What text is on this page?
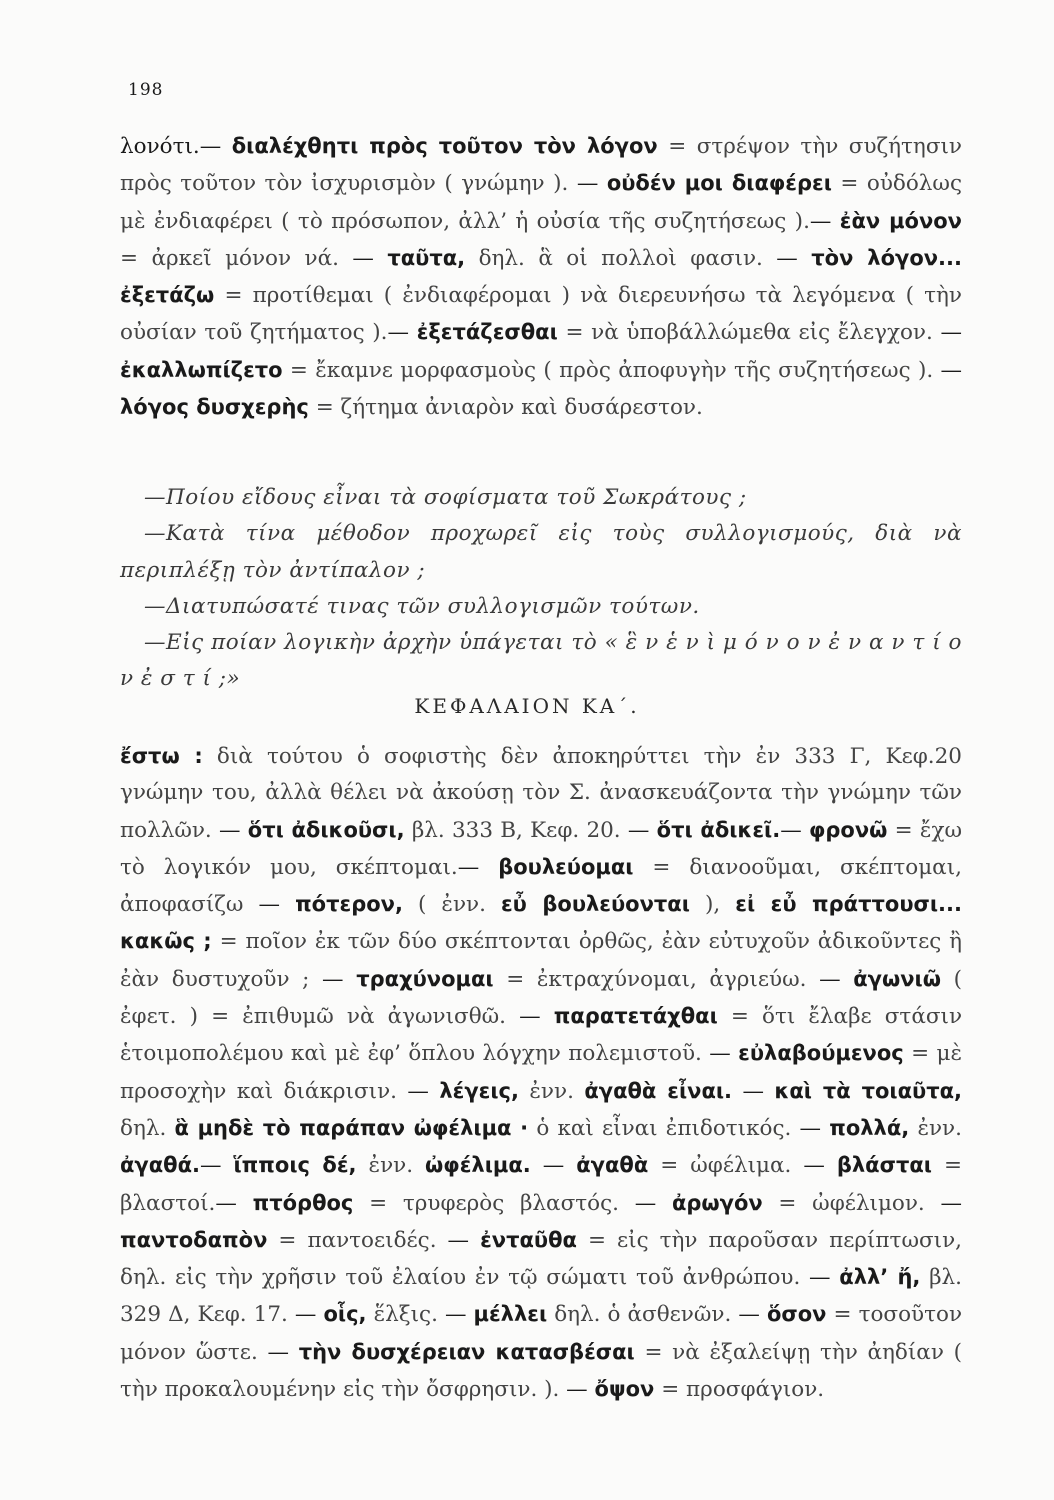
198

λονότι.— διαλέχθητι πρὸς τοῦτον τὸν λόγον = στρέψον τὴν συζήτησιν πρὸς τοῦτον τὸν ἰσχυρισμὸν ( γνώμην ). — οὐδέν μοι διαφέρει = οὐδόλως μὲ ἐνδιαφέρει ( τὸ πρόσωπον, ἀλλ’ ἡ οὐσία τῆς συζητήσεως ).— ἐὰν μόνον = ἀρκεῖ μόνον νά. — ταῦτα, δηλ. ἃ οἱ πολλοὶ φασιν. — τὸν λόγον... ἐξετάζω = προτίθεμαι ( ἐνδιαφέρομαι ) νὰ διερευνήσω τὰ λεγόμενα ( τὴν οὐσίαν τοῦ ζητήματος ).— ἐξετάζεσθαι = νὰ ὑποβάλλώμεθα εἰς ἔλεγχον. — ἐκαλλωπίζετο = ἔκαμνε μορφασμοὺς ( πρὸς ἀποφυγὴν τῆς συζητήσεως ). — λόγος δυσχερὴς = ζήτημα ἀνιαρὸν καὶ δυσάρεστον.

—Ποίου εἴδους εἶναι τὰ σοφίσματα τοῦ Σωκράτους ;

—Κατὰ τίνα μέθοδον προχωρεῖ εἰς τοὺς συλλογισμούς, διὰ νὰ περιπλέξῃ τὸν ἀντίπαλον ;

—Διατυπώσατέ τινας τῶν συλλογισμῶν τούτων.

—Εἰς ποίαν λογικὴν ἀρχὴν ὑπάγεται τὸ « ἓ ν ἑ ν ὶ μ ό ν ο ν ἐ ν α ν τ ί ο ν ἐ σ τ ί ;»

ΚΕΦΑΛΑΙΟΝ ΚΑ΄.

ἔστω : διὰ τούτου ὁ σοφιστὴς δὲν ἀποκηρύττει τὴν ἐν 333 Γ, Κεφ.20 γνώμην του, ἀλλὰ θέλει νὰ ἀκούσῃ τὸν Σ. ἀνασκευάζοντα τὴν γνώμην τῶν πολλῶν. — ὅτι ἀδικοῦσι, βλ. 333 Β, Κεφ. 20. — ὅτι ἀδικεῖ.— φρονῶ = ἔχω τὸ λογικόν μου, σκέπτομαι.— βουλεύομαι = διανοοῦμαι, σκέπτομαι, ἀποφασίζω — πότερον, ( ἐνν. εὖ βουλεύονται ), εἰ εὖ πράττουσι... κακῶς ; = ποῖον ἐκ τῶν δύο σκέπτονται ὀρθῶς, ἐὰν εὐτυχοῦν ἀδικοῦντες ἢ ἐὰν δυστυχοῦν ; — τραχύνομαι = ἐκτραχύνομαι, ἀγριεύω. — ἀγωνιῶ ( ἐφετ. ) = ἐπιθυμῶ νὰ ἀγωνισθῶ. — παρατετάχθαι = ὅτι ἔλαβε στάσιν ἑτοιμοπολέμου καὶ μὲ ἐφ’ ὅπλου λόγχην πολεμιστοῦ. — εὐλαβούμενος = μὲ προσοχὴν καὶ διάκρισιν. — λέγεις, ἐνν. ἀγαθὰ εἶναι. — καὶ τὰ τοιαῦτα, δηλ. ἃ μηδὲ τὸ παράπαν ὠφέλιμα · ὁ καὶ εἶναι ἐπιδοτικός. — πολλά, ἐνν. ἀγαθά.— ἵπποις δέ, ἐνν. ὠφέλιμα. — ἀγαθὰ = ὠφέλιμα. — βλάσται = βλαστοί.— πτόρθος = τρυφερὸς βλαστός. — ἀρωγόν = ὠφέλιμον. — παντοδαπὸν = παντοειδές. — ἐνταῦθα = εἰς τὴν παροῦσαν περίπτωσιν, δηλ. εἰς τὴν χρῆσιν τοῦ ἐλαίου ἐν τῷ σώματι τοῦ ἀνθρώπου. — ἀλλ’ ἤ, βλ. 329 Δ, Κεφ. 17. — οἷς, ἕλξις. — μέλλει δηλ. ὁ ἀσθενῶν. — ὅσον = τοσοῦτον μόνον ὥστε. — τὴν δυσχέρειαν κατασβέσαι = νὰ ἐξαλείψῃ τὴν ἀηδίαν ( τὴν προκαλουμένην εἰς τὴν ὄσφρησιν. ). — ὄψον = προσφάγιον.
